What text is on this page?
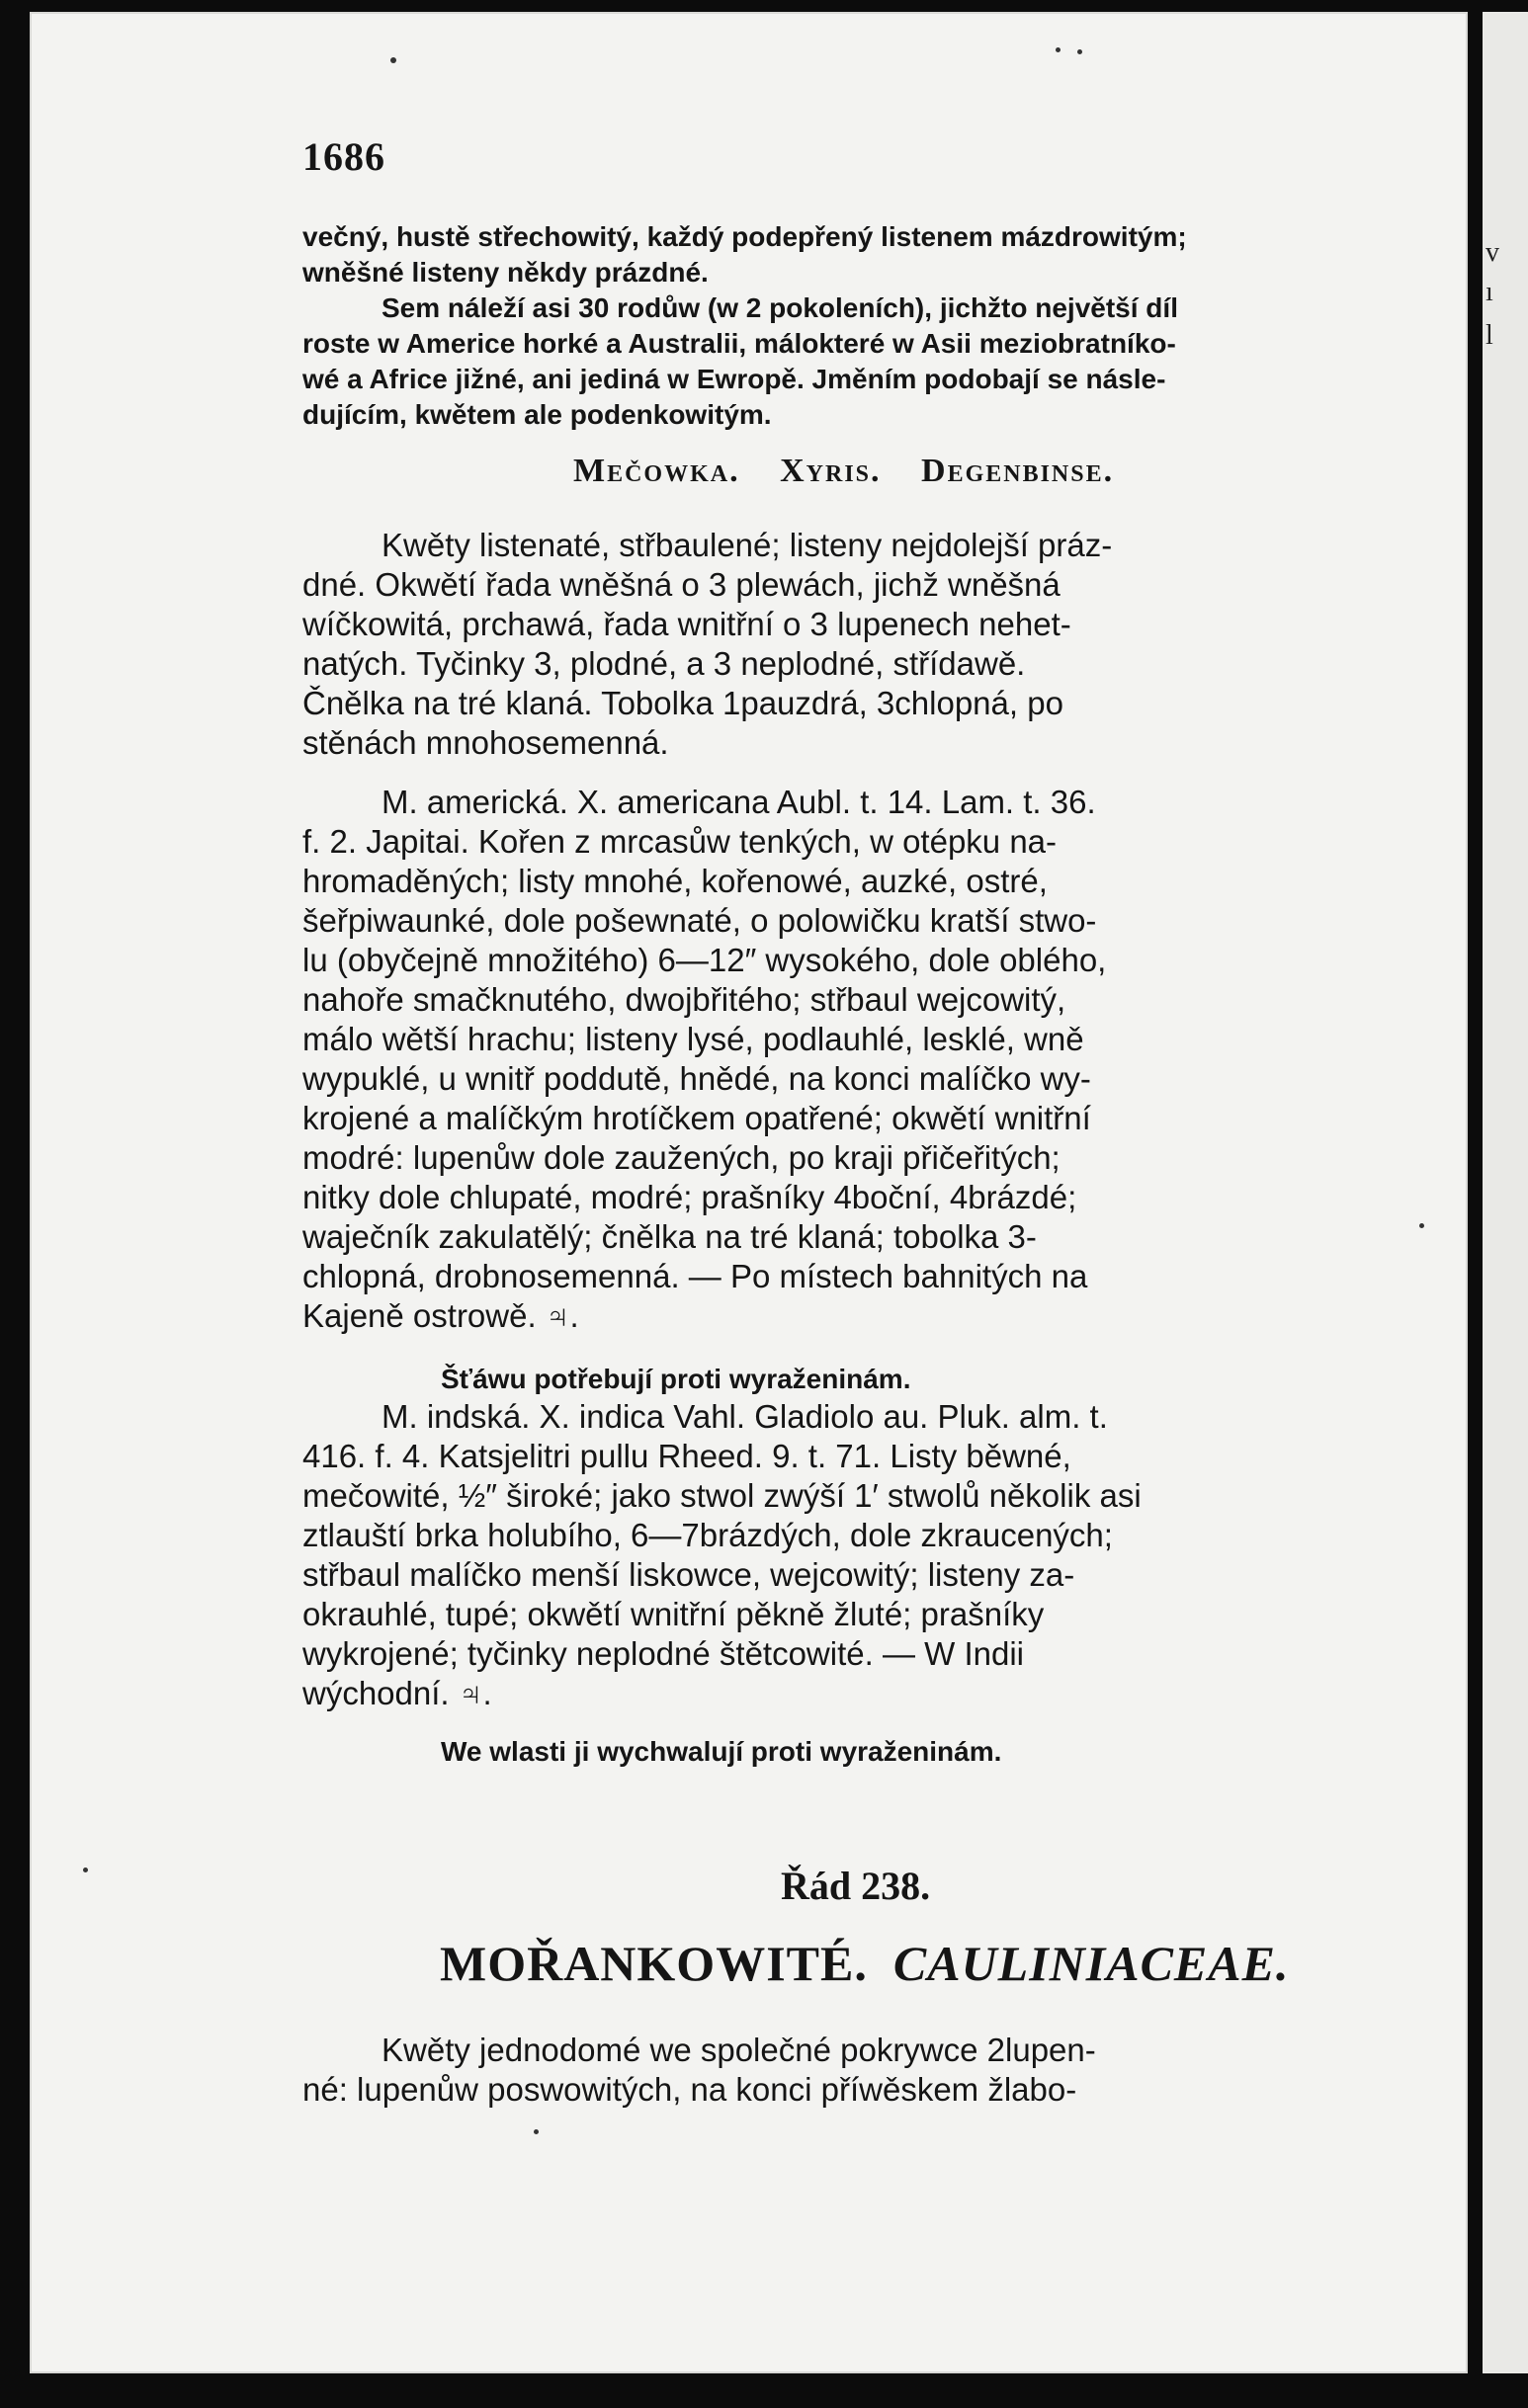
v
ı
l
1686
večný, hustě střechowitý, každý podepřený listenem mázdrowitým;
wněšné listeny někdy prázdné.
Sem náleží asi 30 rodůw (w 2 pokoleních), jichžto největší díl
roste w Americe horké a Australii, málokteré w Asii meziobratníko-
wé a Africe jižné, ani jediná w Ewropě. Jměním podobají se násle-
dujícím, kwětem ale podenkowitým.
Mečowka. Xyris. Degenbinse.
Kwěty listenaté, střbaulené; listeny nejdolejší práz-
dné. Okwětí řada wněšná o 3 plewách, jichž wněšná
wíčkowitá, prchawá, řada wnitřní o 3 lupenech nehet-
natých. Tyčinky 3, plodné, a 3 neplodné, střídawě.
Čnělka na tré klaná. Tobolka 1pauzdrá, 3chlopná, po
stěnách mnohosemenná.
M. americká. X. americana Aubl. t. 14. Lam. t. 36.
f. 2. Japitai. Kořen z mrcasůw tenkých, w otépku na-
hromaděných; listy mnohé, kořenowé, auzké, ostré,
šeřpiwaunké, dole pošewnaté, o polowičku kratší stwo-
lu (obyčejně množitého) 6—12″ wysokého, dole oblého,
nahoře smačknutého, dwojbřitého; střbaul wejcowitý,
málo wětší hrachu; listeny lysé, podlauhlé, lesklé, wně
wypuklé, u wnitř poddutě, hnědé, na konci malíčko wy-
krojené a malíčkým hrotíčkem opatřené; okwětí wnitřní
modré: lupenůw dole zaužených, po kraji přičeřitých;
nitky dole chlupaté, modré; prašníky 4boční, 4brázdé;
waječník zakulatělý; čnělka na tré klaná; tobolka 3-
chlopná, drobnosemenná. — Po místech bahnitých na
Kajeně ostrowě. ♃.
Šťáwu potřebují proti wyraženinám.
M. indská. X. indica Vahl. Gladiolo au. Pluk. alm. t.
416. f. 4. Katsjelitri pullu Rheed. 9. t. 71. Listy běwné,
mečowité, ½″ široké; jako stwol zwýší 1′ stwolů několik asi
ztlauští brka holubího, 6—7brázdých, dole zkraucených;
střbaul malíčko menší liskowce, wejcowitý; listeny za-
okrauhlé, tupé; okwětí wnitřní pěkně žluté; prašníky
wykrojené; tyčinky neplodné štětcowité. — W Indii
wýchodní. ♃.
We wlasti ji wychwalují proti wyraženinám.
Řád 238.
MOŘANKOWITÉ. CAULINIACEAE.
Kwěty jednodomé we společné pokrywce 2lupen-
né: lupenůw poswowitých, na konci příwěskem žlabo-
